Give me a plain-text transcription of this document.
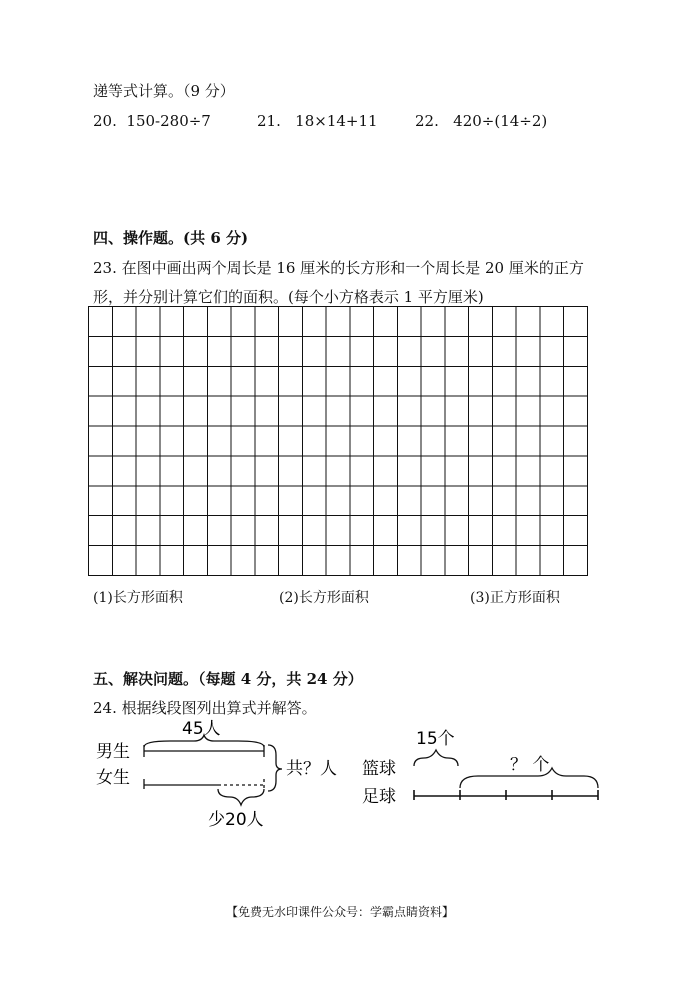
递等式计算。（9 分）
20. 150-280÷7	21. 18×14+11 22. 420÷(14÷2)
四、操作题。(共 6 分)
23. 在图中画出两个周长是 16 厘米的长方形和一个周长是 20 厘米的正方
形，并分别计算它们的面积。(每个小方格表示 1 平方厘米)
(1)长方形面积	(2)长方形面积	(3)正方形面积
五、解决问题。（每题 4 分，共 24 分）
24. 根据线段图列出算式并解答。
45人
男生
女生
少20人
共？人
15个
篮球	？ 个
足球
【免费无水印课件公众号：学霸点睛资料】
